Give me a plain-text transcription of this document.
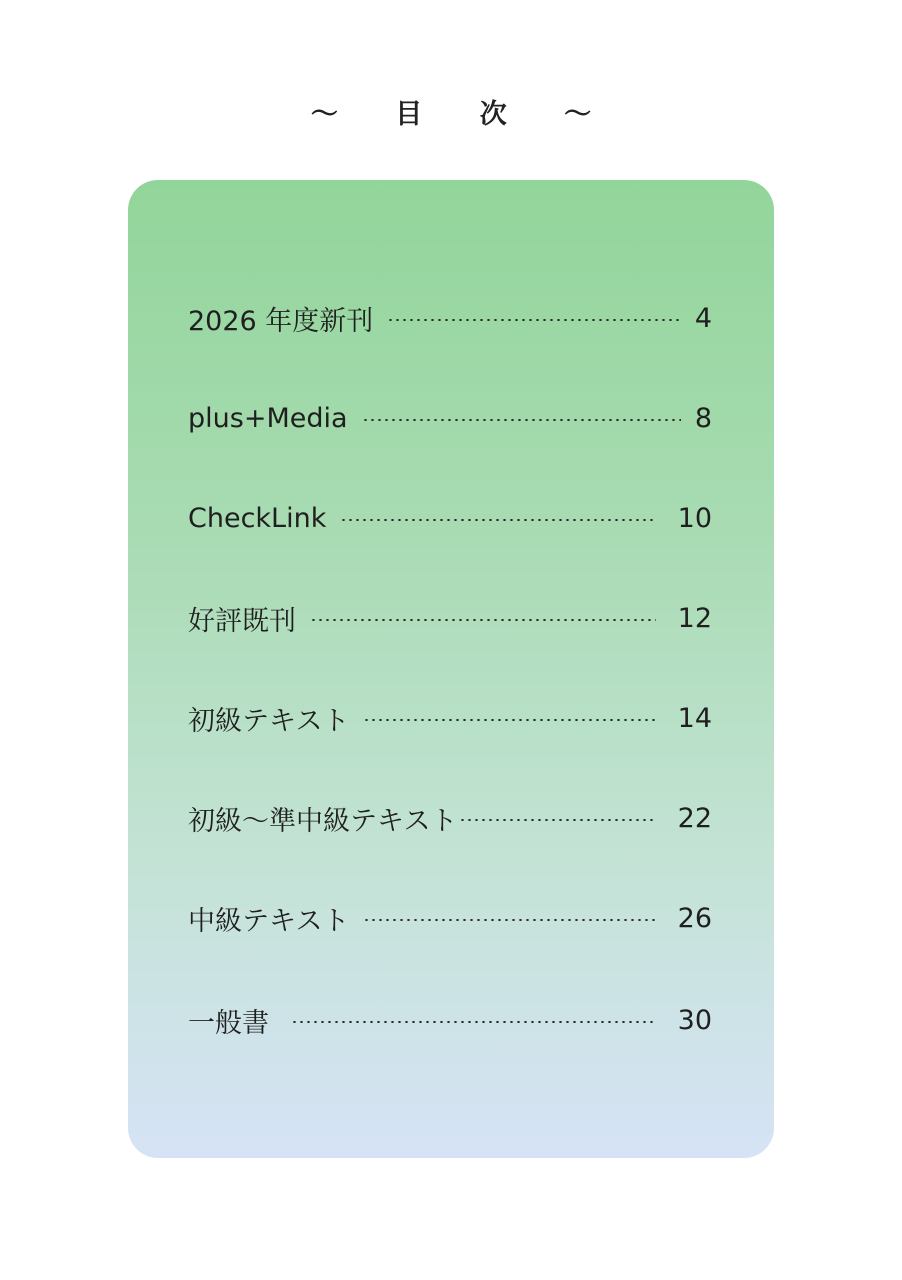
～ 目 次 ～
2026 年度新刊	4
plus+Media	8
CheckLink	10
好評既刊	12
初級テキスト	14
初級～準中級テキスト	22
中級テキスト	26
一般書	30
